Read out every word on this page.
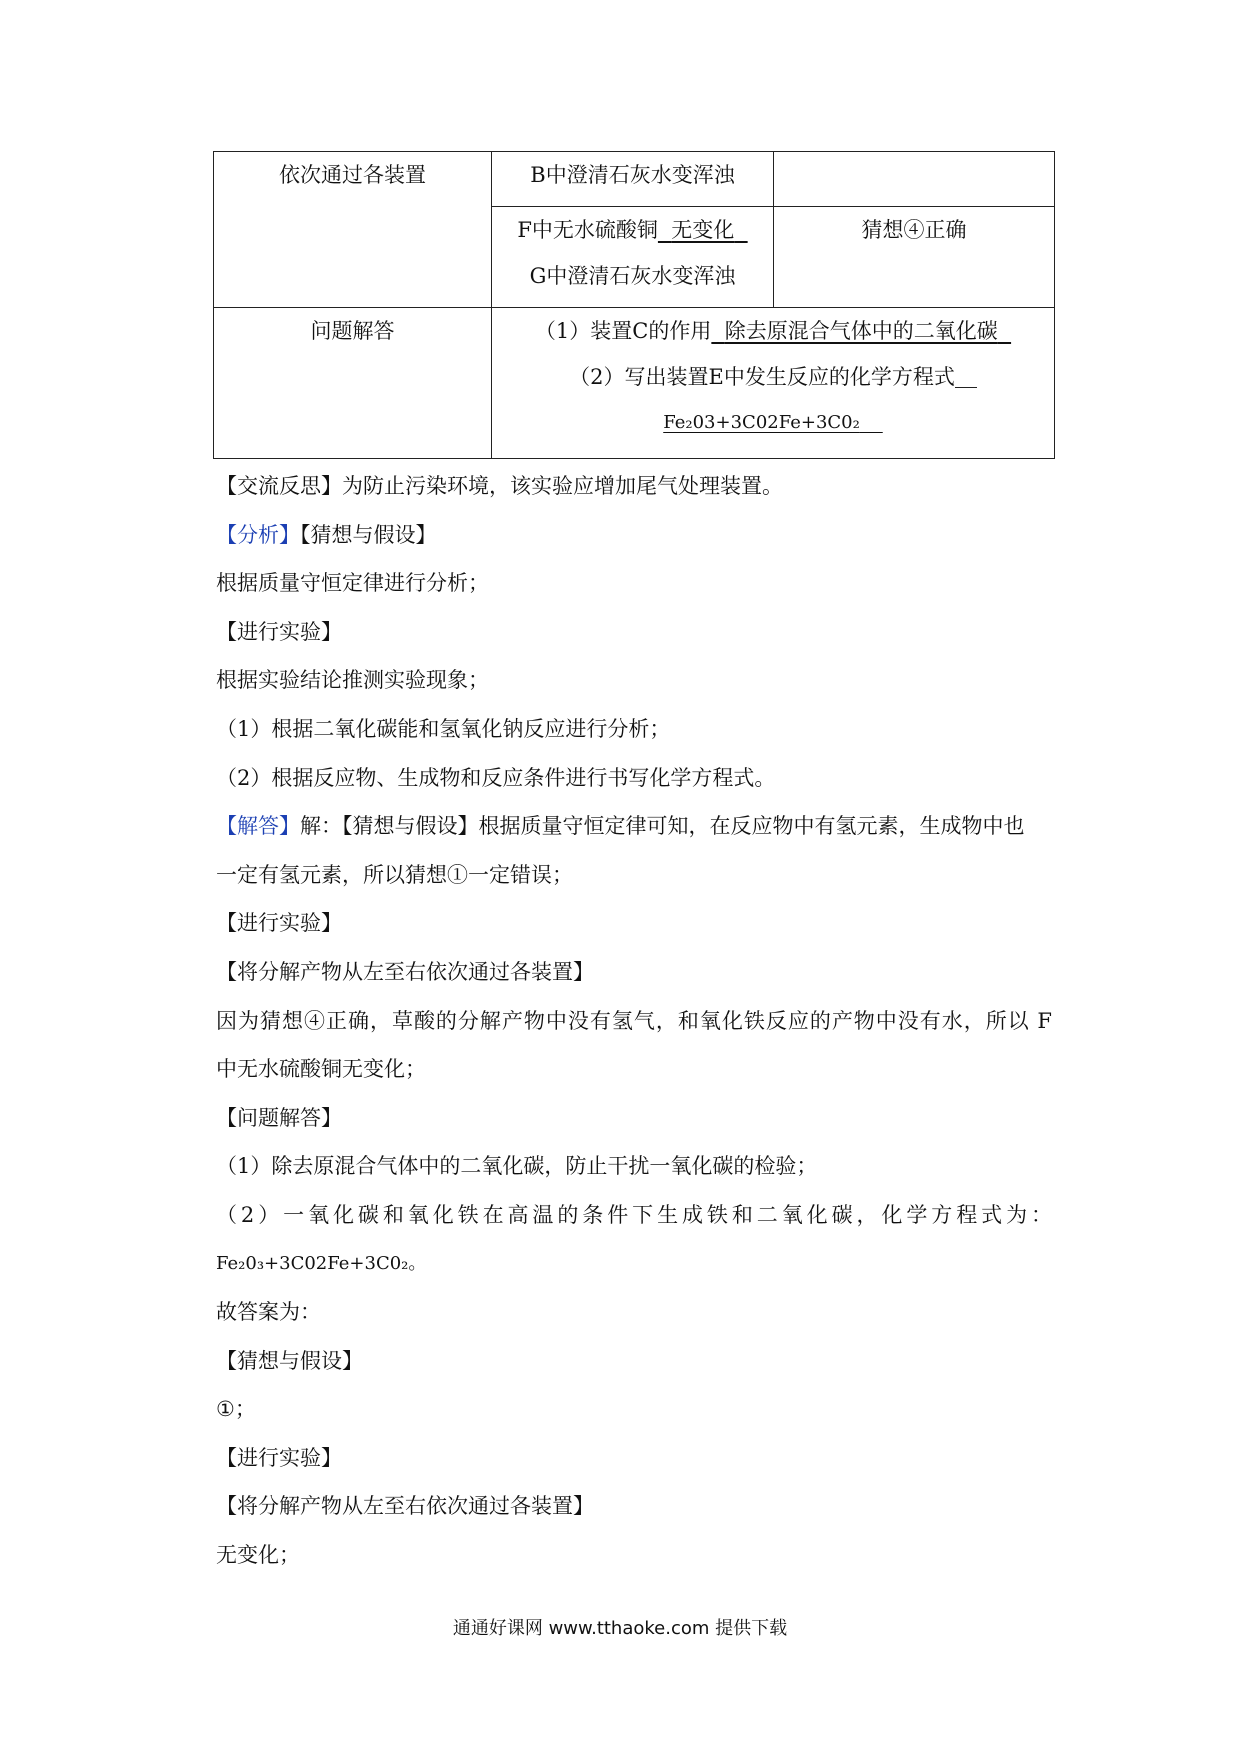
依次通过各装置	B中澄清石灰水变浑浊	

	F中无水硫酸铜 无变化
G中澄清石灰水变浑浊	猜想④正确

问题解答	（1）装置C的作用 除去原混合气体中的二氧化碳
（2）写出装置E中发生反应的化学方程式
Fe₂03+3C02Fe+3C0₂	
【交流反思】为防止污染环境，该实验应增加尾气处理装置。
【分析】【猜想与假设】
根据质量守恒定律进行分析；
【进行实验】
根据实验结论推测实验现象；
（1）根据二氧化碳能和氢氧化钠反应进行分析；
（2）根据反应物、生成物和反应条件进行书写化学方程式。
【解答】解：【猜想与假设】根据质量守恒定律可知，在反应物中有氢元素，生成物中也
一定有氢元素，所以猜想①一定错误；
【进行实验】
【将分解产物从左至右依次通过各装置】
因为猜想④正确，草酸的分解产物中没有氢气，和氧化铁反应的产物中没有水，所以 F
中无水硫酸铜无变化；
【问题解答】
（1）除去原混合气体中的二氧化碳，防止干扰一氧化碳的检验；
（2）一氧化碳和氧化铁在高温的条件下生成铁和二氧化碳，化学方程式为：
Fe₂0₃+3C02Fe+3C0₂。
故答案为：
【猜想与假设】
①；
【进行实验】
【将分解产物从左至右依次通过各装置】
无变化；
通通好课网 www.tthaoke.com 提供下载
